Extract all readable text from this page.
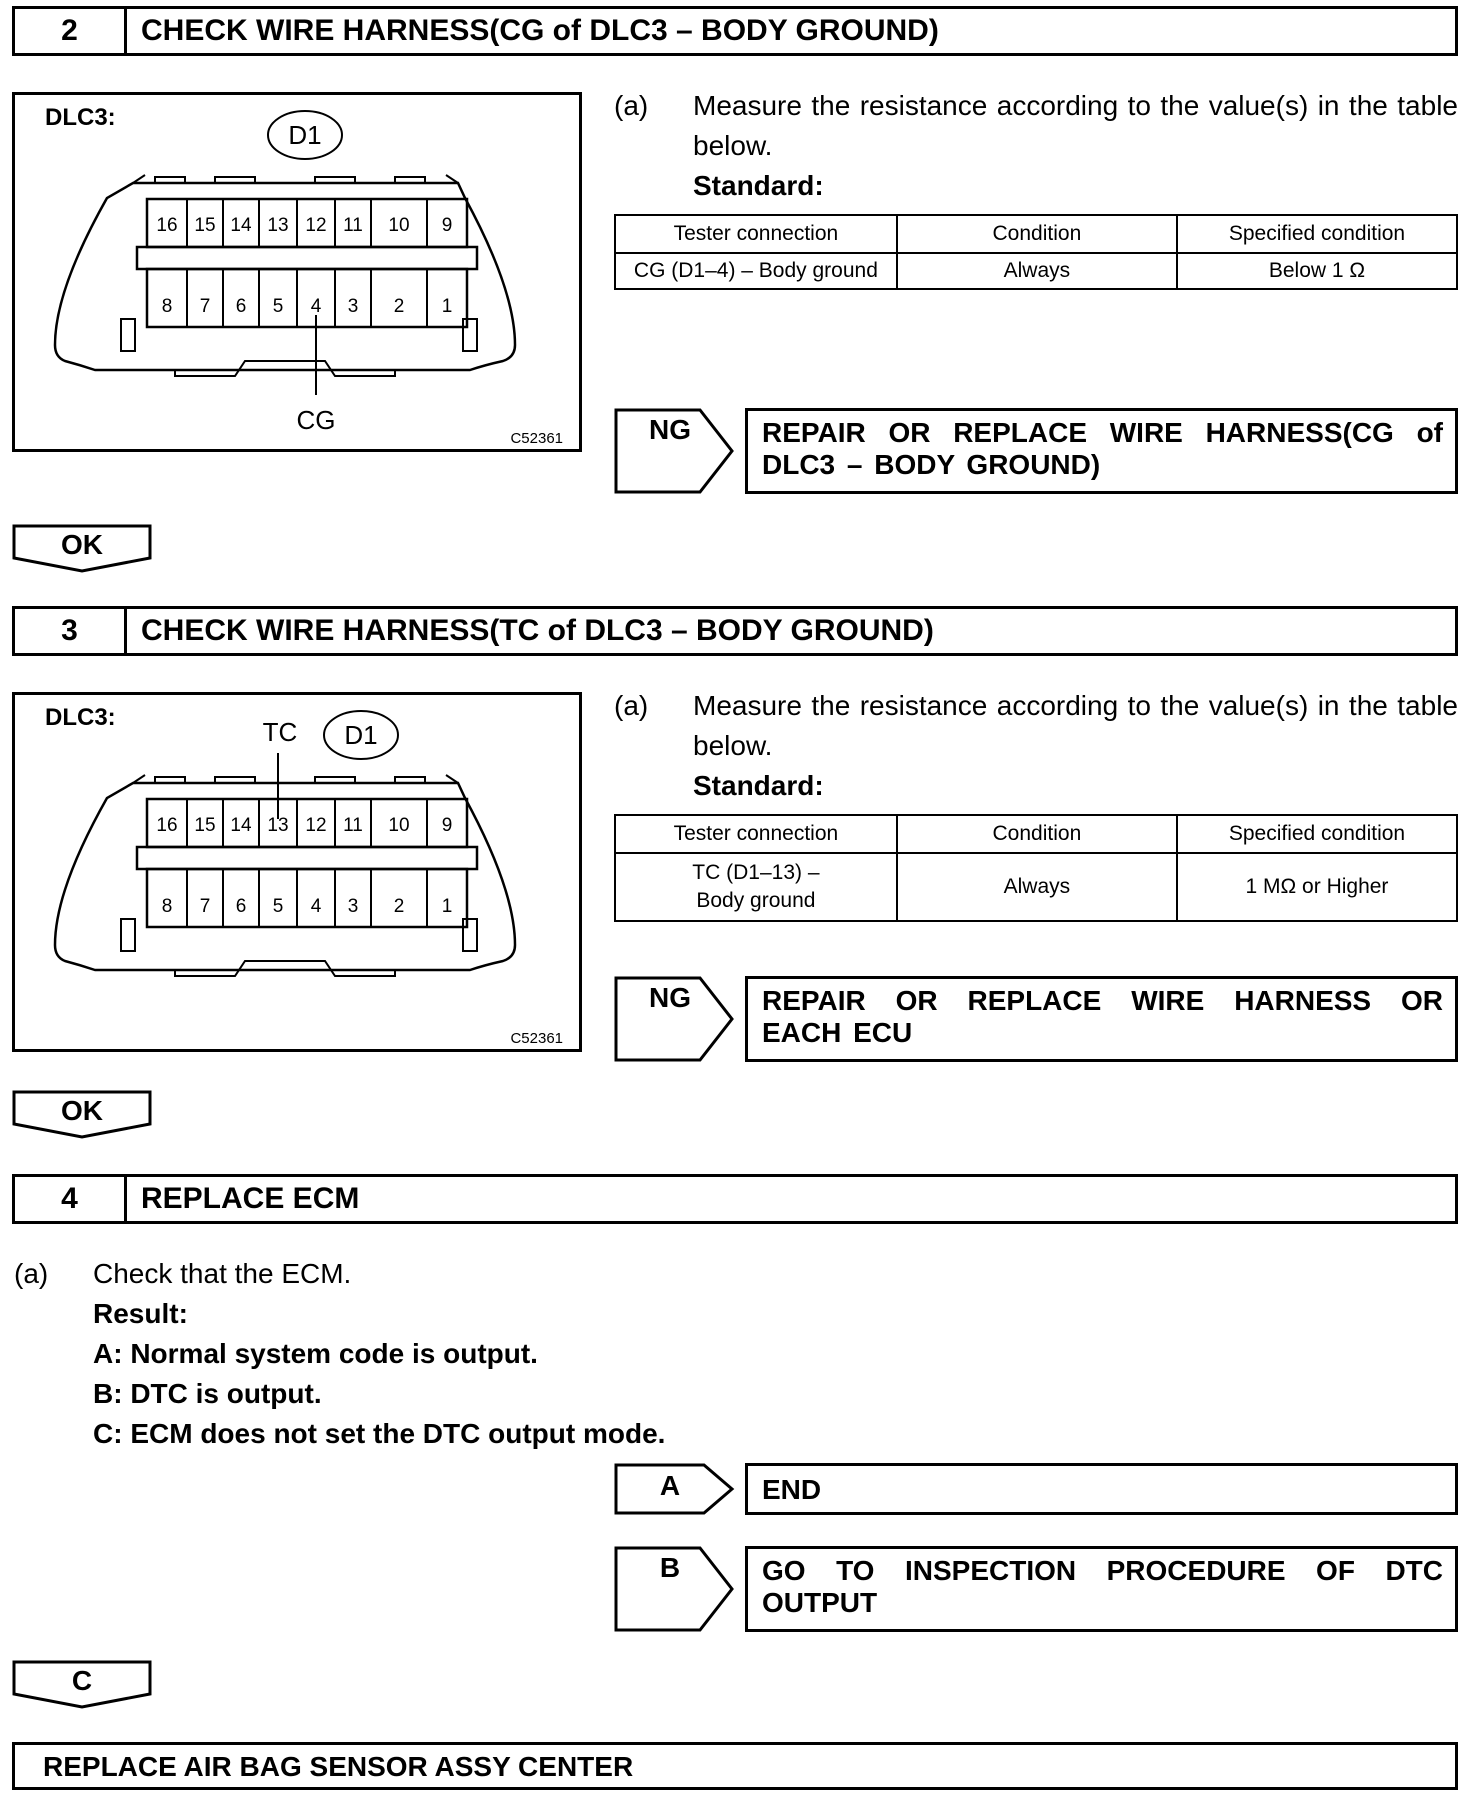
2	CHECK WIRE HARNESS(CG of DLC3 – BODY GROUND)
DLC3:
D1
16 15 14 13 12 11 10 9
8 7 6 5 4 3 2 1
CG
C52361
(a) Measure the resistance according to the value(s) in the table below.
Standard:
Tester connection	Condition	Specified condition
CG (D1–4) – Body ground	Always	Below 1 Ω
NG	REPAIR OR REPLACE WIRE HARNESS(CG of DLC3 – BODY GROUND)
OK
3	CHECK WIRE HARNESS(TC of DLC3 – BODY GROUND)
DLC3:
D1
TC
16 15 14 13 12 11 10 9
8 7 6 5 4 3 2 1
C52361
(a) Measure the resistance according to the value(s) in the table below.
Standard:
Tester connection	Condition	Specified condition

TC (D1–13) –
Body ground	Always	1 MΩ or Higher
NG	REPAIR OR REPLACE WIRE HARNESS OR EACH ECU
OK
4	REPLACE ECM
(a) Check that the ECM.
Result:
A: Normal system code is output.
B: DTC is output.
C: ECM does not set the DTC output mode.
A	END
B	GO TO INSPECTION PROCEDURE OF DTC OUTPUT
C
REPLACE AIR BAG SENSOR ASSY CENTER
